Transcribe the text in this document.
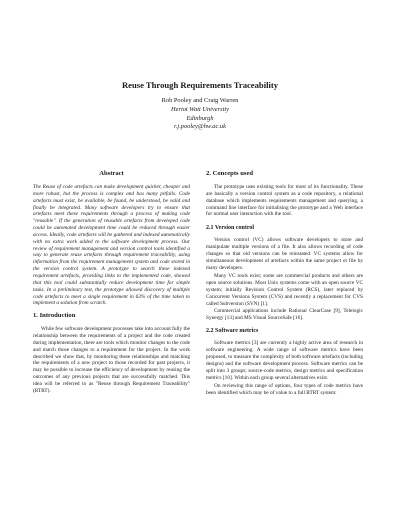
Reuse Through Requirements Traceability
Rob Pooley and Craig Warren
Heriot Watt University
Edinburgh
r.j.pooley@hw.ac.uk
Abstract

The Reuse of code artefacts can make development quicker, cheaper and more robust, but the process is complex and has many pitfalls. Code artefacts must exist, be available, be found, be understood, be valid and finally be integrated. Many software developers try to ensure that artefacts meet these requirements through a process of making code "reusable". If the generation of reusable artefacts from developed code could be automated development time could be reduced through easier access. Ideally, code artefacts will be gathered and indexed automatically with no extra work added to the software development process. Our review of requirement management and version control tools identified a way to generate reuse artefacts through requirement traceability, using information from the requirement management system and code stored in the version control system. A prototype to search these indexed requirement artefacts, providing links to the implemented code, showed that this tool could substantially reduce development time for simple tasks. In a preliminary test, the prototype allowed discovery of multiple code artefacts to meet a single requirement in 63% of the time taken to implement a solution from scratch.

1. Introduction

While few software development processes take into account fully the relationship between the requirements of a project and the code created during implementation, there are tools which monitor changes to the code and match those changes to a requirement for the project. In the work described we show that, by monitoring these relationships and matching the requirements of a new project to those recorded for past projects, it may be possible to increase the efficiency of development by reusing the outcomes of any previous projects that are successfully matched. This idea will be referred to as "Reuse through Requirement Traceability" (RTRT).

2. Concepts used

The prototype uses existing tools for most of its functionality. These are basically a version control system as a code repository, a relational database which implements requirements management and querying, a command line interface for initialising the prototype and a Web interface for normal user interaction with the tool.

2.1 Version control

Version control (VC) allows software developers to store and manipulate multiple versions of a file. It also allows recording of code changes so that old versions can be reinstated. VC systems allow for simultaneous development of artefacts within the same project or file by many developers.

Many VC tools exist; some are commercial products and others are open source solutions. Most Unix systems come with an open source VC system; initially Revision Control System (RCS), later replaced by Concurrent Versions System (CVS) and recently a replacement for CVS called Subversion (SVN) [1].

Commercial applications include Rational ClearCase [9], Telelogic Synergy [13] and MS Visual SourceSafe [16].

2.2 Software metrics

Software metrics [3] are currently a highly active area of research in software engineering. A wide range of software metrics have been proposed, to measure the complexity of both software artefacts (including designs) and the software development process. Software metrics can be split into 3 groups; source-code metrics, design metrics and specification metrics [10]. Within each group several alternatives exist.

On reviewing this range of options, four types of code metrics have been identified which may be of value to a full RTRT system:
